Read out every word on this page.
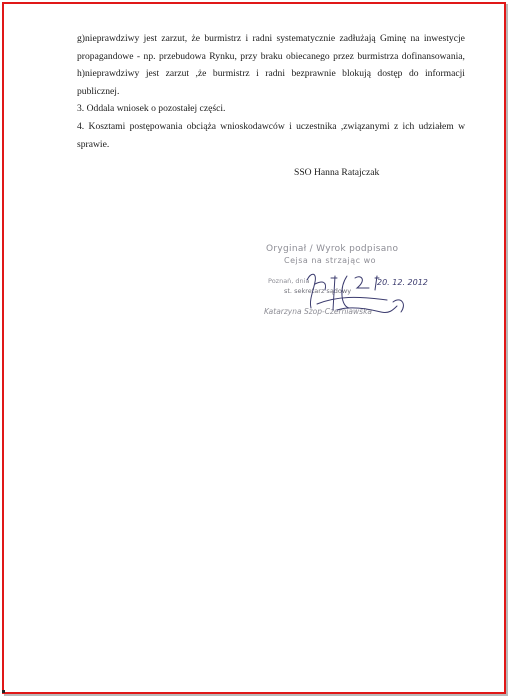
g)nieprawdziwy jest zarzut, że burmistrz i radni systematycznie zadłużają Gminę na inwestycje
propagandowe - np. przebudowa Rynku, przy braku obiecanego przez burmistrza dofinansowania,
h)nieprawdziwy jest zarzut ,że burmistrz i radni bezprawnie blokują dostęp do informacji
publicznej.
3. Oddala wniosek o pozostałej części.
4. Kosztami postępowania obciąża wnioskodawców i uczestnika ,związanymi z ich udziałem w
sprawie.
SSO Hanna Ratajczak
Oryginał / Wyrok podpisano
Cejsa na strzając wo
Poznań, dnia
st. sekretarz sądowy
Katarzyna Szop-Czerniawska
20. 12. 2012
